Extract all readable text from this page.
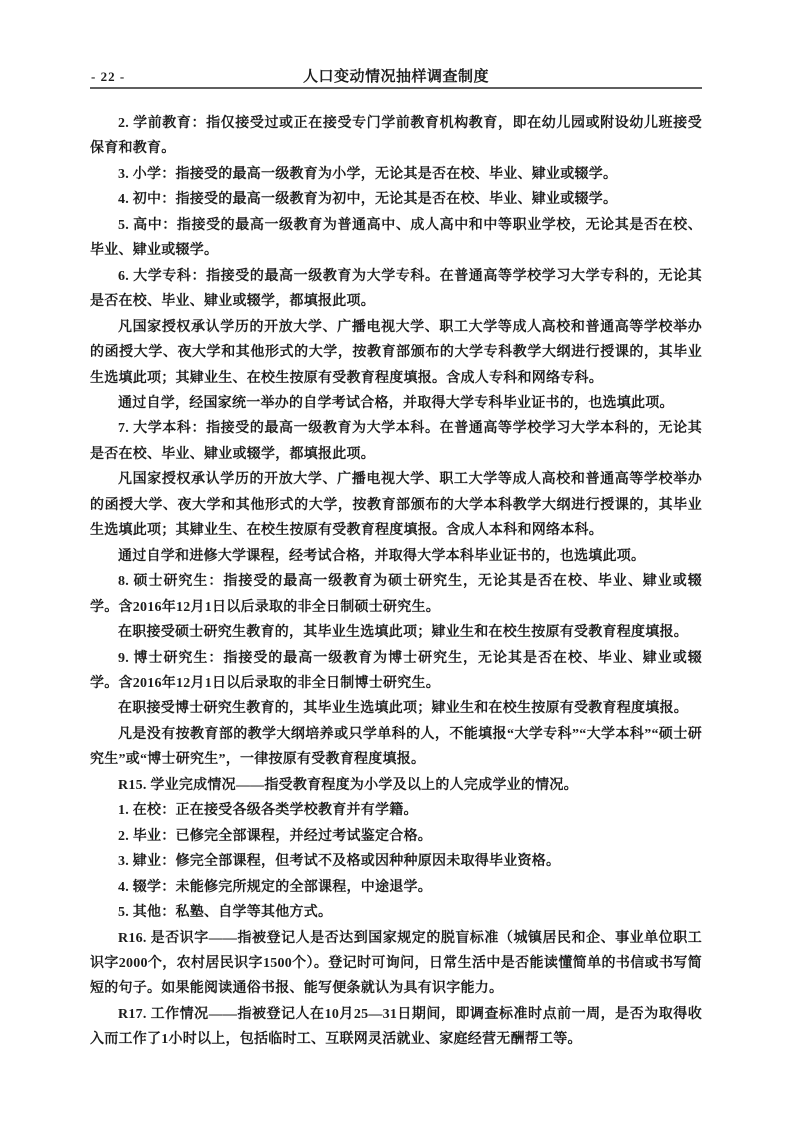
- 22 -	人口变动情况抽样调查制度

2. 学前教育：指仅接受过或正在接受专门学前教育机构教育，即在幼儿园或附设幼儿班接受保育和教育。

3. 小学：指接受的最高一级教育为小学，无论其是否在校、毕业、肄业或辍学。

4. 初中：指接受的最高一级教育为初中，无论其是否在校、毕业、肄业或辍学。

5. 高中：指接受的最高一级教育为普通高中、成人高中和中等职业学校，无论其是否在校、毕业、肄业或辍学。

6. 大学专科：指接受的最高一级教育为大学专科。在普通高等学校学习大学专科的，无论其是否在校、毕业、肄业或辍学，都填报此项。

凡国家授权承认学历的开放大学、广播电视大学、职工大学等成人高校和普通高等学校举办的函授大学、夜大学和其他形式的大学，按教育部颁布的大学专科教学大纲进行授课的，其毕业生选填此项；其肄业生、在校生按原有受教育程度填报。含成人专科和网络专科。

通过自学，经国家统一举办的自学考试合格，并取得大学专科毕业证书的，也选填此项。

7. 大学本科：指接受的最高一级教育为大学本科。在普通高等学校学习大学本科的，无论其是否在校、毕业、肄业或辍学，都填报此项。

凡国家授权承认学历的开放大学、广播电视大学、职工大学等成人高校和普通高等学校举办的函授大学、夜大学和其他形式的大学，按教育部颁布的大学本科教学大纲进行授课的，其毕业生选填此项；其肄业生、在校生按原有受教育程度填报。含成人本科和网络本科。

通过自学和进修大学课程，经考试合格，并取得大学本科毕业证书的，也选填此项。

8. 硕士研究生：指接受的最高一级教育为硕士研究生，无论其是否在校、毕业、肄业或辍学。含2016年12月1日以后录取的非全日制硕士研究生。

在职接受硕士研究生教育的，其毕业生选填此项；肄业生和在校生按原有受教育程度填报。

9. 博士研究生：指接受的最高一级教育为博士研究生，无论其是否在校、毕业、肄业或辍学。含2016年12月1日以后录取的非全日制博士研究生。

在职接受博士研究生教育的，其毕业生选填此项；肄业生和在校生按原有受教育程度填报。

凡是没有按教育部的教学大纲培养或只学单科的人，不能填报“大学专科”“大学本科”“硕士研究生”或“博士研究生”，一律按原有受教育程度填报。

R15. 学业完成情况——指受教育程度为小学及以上的人完成学业的情况。

1. 在校：正在接受各级各类学校教育并有学籍。

2. 毕业：已修完全部课程，并经过考试鉴定合格。

3. 肄业：修完全部课程，但考试不及格或因种种原因未取得毕业资格。

4. 辍学：未能修完所规定的全部课程，中途退学。

5. 其他：私塾、自学等其他方式。

R16. 是否识字——指被登记人是否达到国家规定的脱盲标准（城镇居民和企、事业单位职工识字2000个，农村居民识字1500个）。登记时可询问，日常生活中是否能读懂简单的书信或书写简短的句子。如果能阅读通俗书报、能写便条就认为具有识字能力。

R17. 工作情况——指被登记人在10月25—31日期间，即调查标准时点前一周，是否为取得收入而工作了1小时以上，包括临时工、互联网灵活就业、家庭经营无酬帮工等。
